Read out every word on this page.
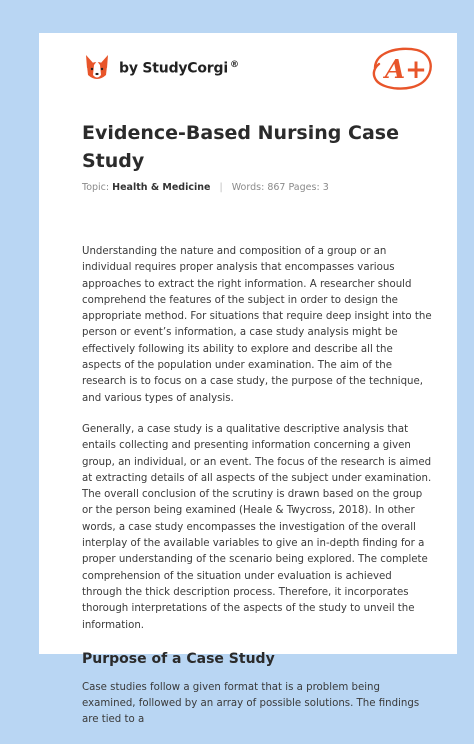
by StudyCorgi ®	A+
Evidence-Based Nursing Case Study
Topic: Health & Medicine | Words: 867 Pages: 3

Understanding the nature and composition of a group or an individual requires proper analysis that encompasses various approaches to extract the right information. A researcher should comprehend the features of the subject in order to design the appropriate method. For situations that require deep insight into the person or event’s information, a case study analysis might be effectively following its ability to explore and describe all the aspects of the population under examination. The aim of the research is to focus on a case study, the purpose of the technique, and various types of analysis.

Generally, a case study is a qualitative descriptive analysis that entails collecting and presenting information concerning a given group, an individual, or an event. The focus of the research is aimed at extracting details of all aspects of the subject under examination. The overall conclusion of the scrutiny is drawn based on the group or the person being examined (Heale & Twycross, 2018). In other words, a case study encompasses the investigation of the overall interplay of the available variables to give an in-depth finding for a proper understanding of the scenario being explored. The complete comprehension of the situation under evaluation is achieved through the thick description process. Therefore, it incorporates thorough interpretations of the aspects of the study to unveil the information.

Purpose of a Case Study

Case studies follow a given format that is a problem being examined, followed by an array of possible solutions. The findings are tied to a
